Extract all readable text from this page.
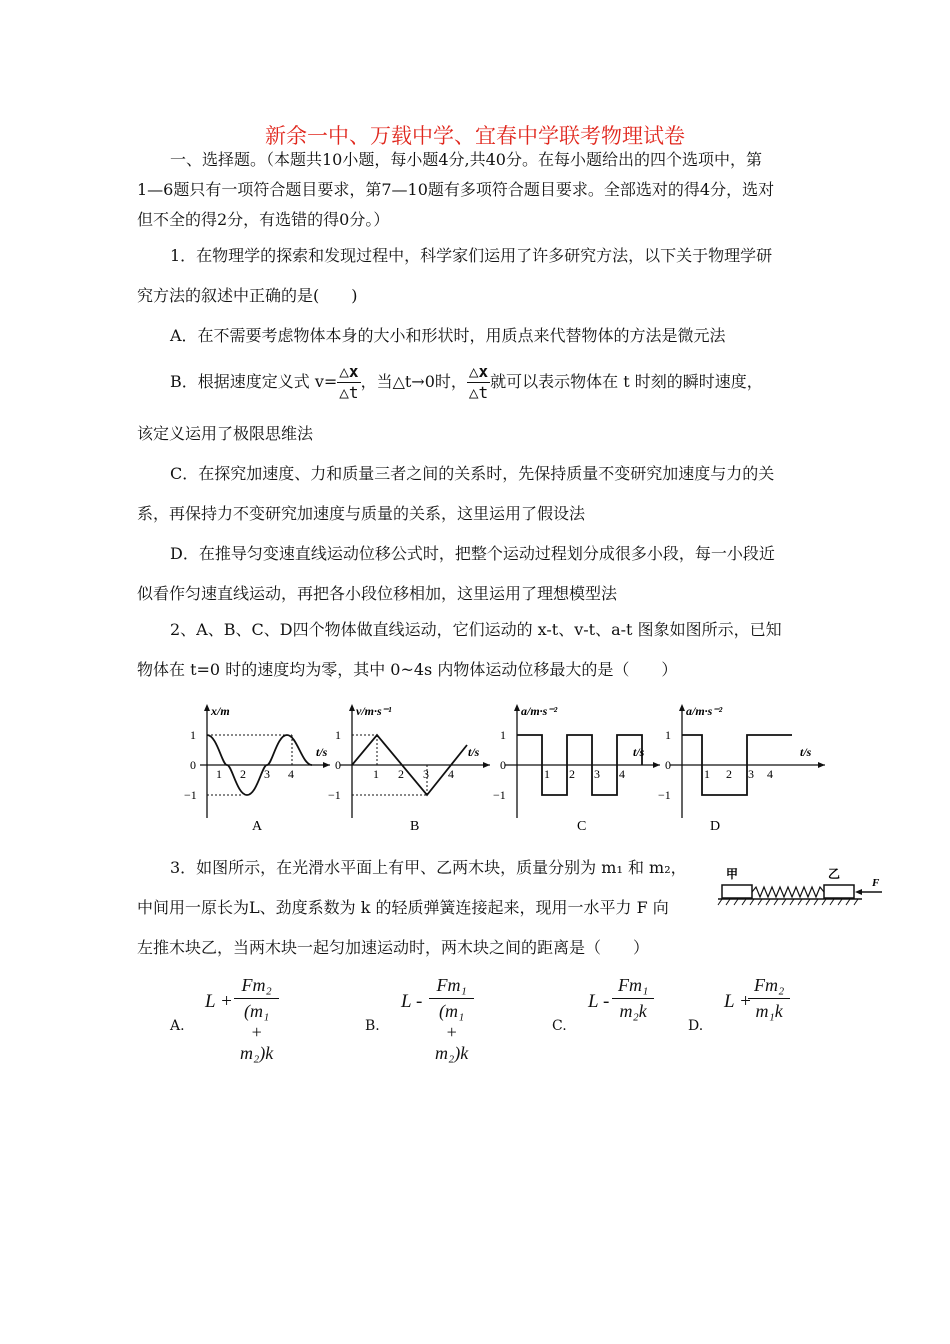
新余一中、万载中学、宜春中学联考物理试卷
一、选择题。（本题共10小题，每小题4分,共40分。在每小题给出的四个选项中，第
1—6题只有一项符合题目要求，第7—10题有多项符合题目要求。全部选对的得4分，选对
但不全的得2分，有选错的得0分。）
1．在物理学的探索和发现过程中，科学家们运用了许多研究方法，以下关于物理学研
究方法的叙述中正确的是(　　)
A．在不需要考虑物体本身的大小和形状时，用质点来代替物体的方法是微元法
B．根据速度定义式 $v= \frac{\triangle x}{\triangle t}$ ，当△t→0时， $\frac{\triangle x}{\triangle t}$ 就可以表示物体在 t 时刻的瞬时速度，
该定义运用了极限思维法
C．在探究加速度、力和质量三者之间的关系时，先保持质量不变研究加速度与力的关
系，再保持力不变研究加速度与质量的关系，这里运用了假设法
D．在推导匀变速直线运动位移公式时，把整个运动过程划分成很多小段，每一小段近
似看作匀速直线运动，再把各小段位移相加，这里运用了理想模型法
2、A、B、C、D四个物体做直线运动，它们运动的 x-t、v-t、a-t 图象如图所示，已知
物体在 t=0 时的速度均为零，其中 0~4s 内物体运动位移最大的是（　　）
x/m
t/s
1
0
−1
1 2 3 4
A
v/m·s⁻¹
t/s
1
0
−1
1 2 3 4
B
a/m·s⁻²
t/s
1
0
−1
1 2 3 4
C
a/m·s⁻²
t/s
1
0
−1
1 2 3 4
D
3．如图所示，在光滑水平面上有甲、乙两木块，质量分别为 m₁ 和 m₂，
中间用一原长为L、劲度系数为 k 的轻质弹簧连接起来，现用一水平力 F 向
左推木块乙，当两木块一起匀加速运动时，两木块之间的距离是（　　）
甲	乙
F
A.
$L + \frac{\text{Fm₂}}{\text{(m₁ + m₂)k}}$	B.
L - $\frac{\text{Fm₁}}{\text{(m₁ + m₂)k}}$	C.
L - $\frac{\text{Fm₁}}{\text{m₂k}}$
D.
L +
$\frac{\text{Fm₂}}{\text{m₁k}}$
